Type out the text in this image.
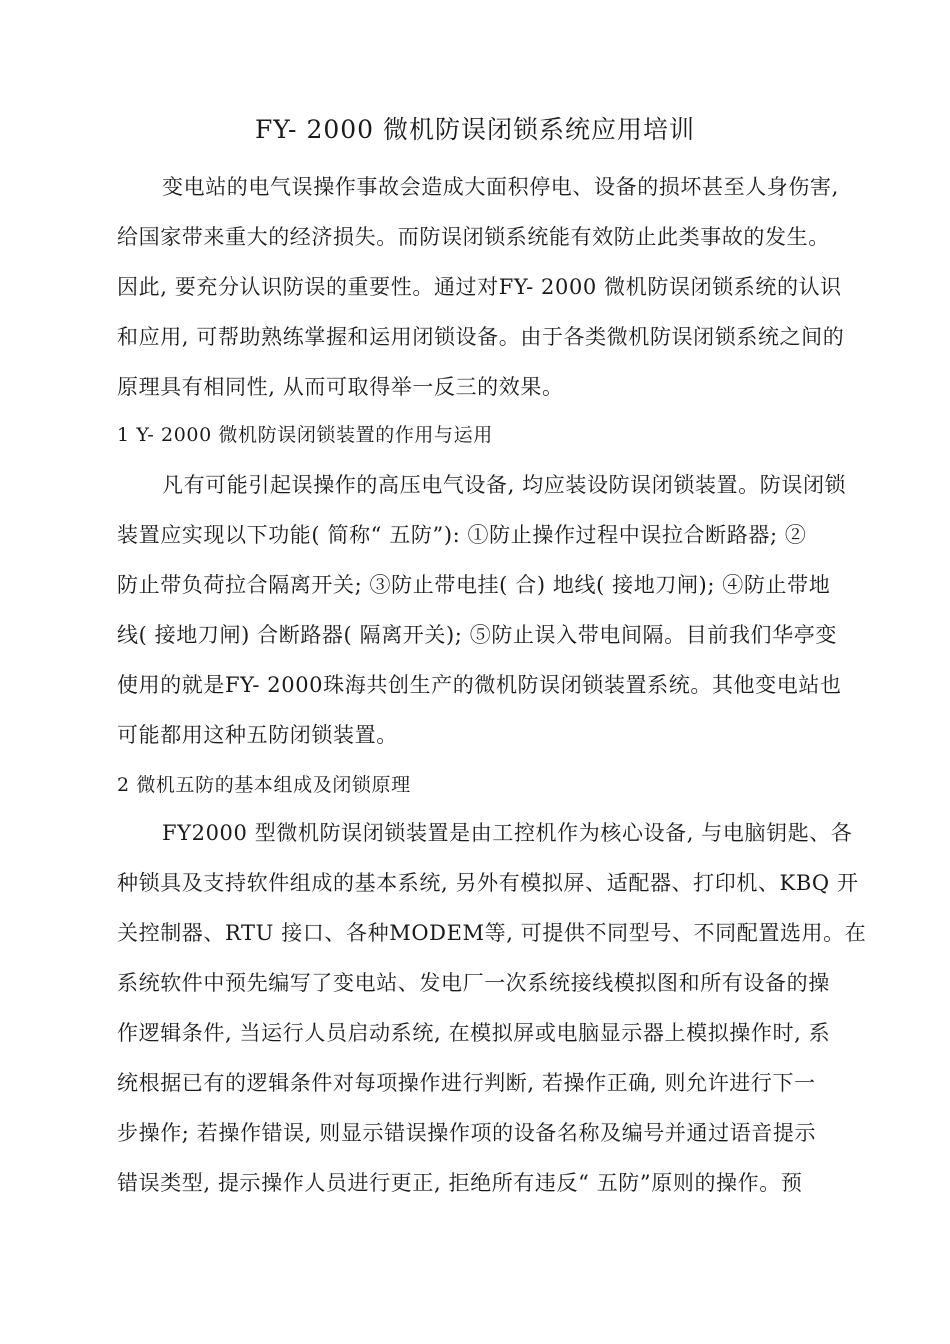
FY- 2000 微机防误闭锁系统应用培训
变电站的电气误操作事故会造成大面积停电、设备的损坏甚至人身伤害,
给国家带来重大的经济损失。而防误闭锁系统能有效防止此类事故的发生。
因此, 要充分认识防误的重要性。通过对FY- 2000 微机防误闭锁系统的认识
和应用, 可帮助熟练掌握和运用闭锁设备。由于各类微机防误闭锁系统之间的
原理具有相同性, 从而可取得举一反三的效果。
1 Y- 2000 微机防误闭锁装置的作用与运用
凡有可能引起误操作的高压电气设备, 均应装设防误闭锁装置。防误闭锁
装置应实现以下功能( 简称“ 五防”): ①防止操作过程中误拉合断路器; ②
防止带负荷拉合隔离开关; ③防止带电挂( 合) 地线( 接地刀闸); ④防止带地
线( 接地刀闸) 合断路器( 隔离开关); ⑤防止误入带电间隔。目前我们华亭变
使用的就是FY- 2000珠海共创生产的微机防误闭锁装置系统。其他变电站也
可能都用这种五防闭锁装置。
2 微机五防的基本组成及闭锁原理
FY2000 型微机防误闭锁装置是由工控机作为核心设备, 与电脑钥匙、各
种锁具及支持软件组成的基本系统, 另外有模拟屏、适配器、打印机、KBQ 开
关控制器、RTU 接口、各种MODEM等, 可提供不同型号、不同配置选用。在
系统软件中预先编写了变电站、发电厂一次系统接线模拟图和所有设备的操
作逻辑条件, 当运行人员启动系统, 在模拟屏或电脑显示器上模拟操作时, 系
统根据已有的逻辑条件对每项操作进行判断, 若操作正确, 则允许进行下一
步操作; 若操作错误, 则显示错误操作项的设备名称及编号并通过语音提示
错误类型, 提示操作人员进行更正, 拒绝所有违反“ 五防”原则的操作。预
